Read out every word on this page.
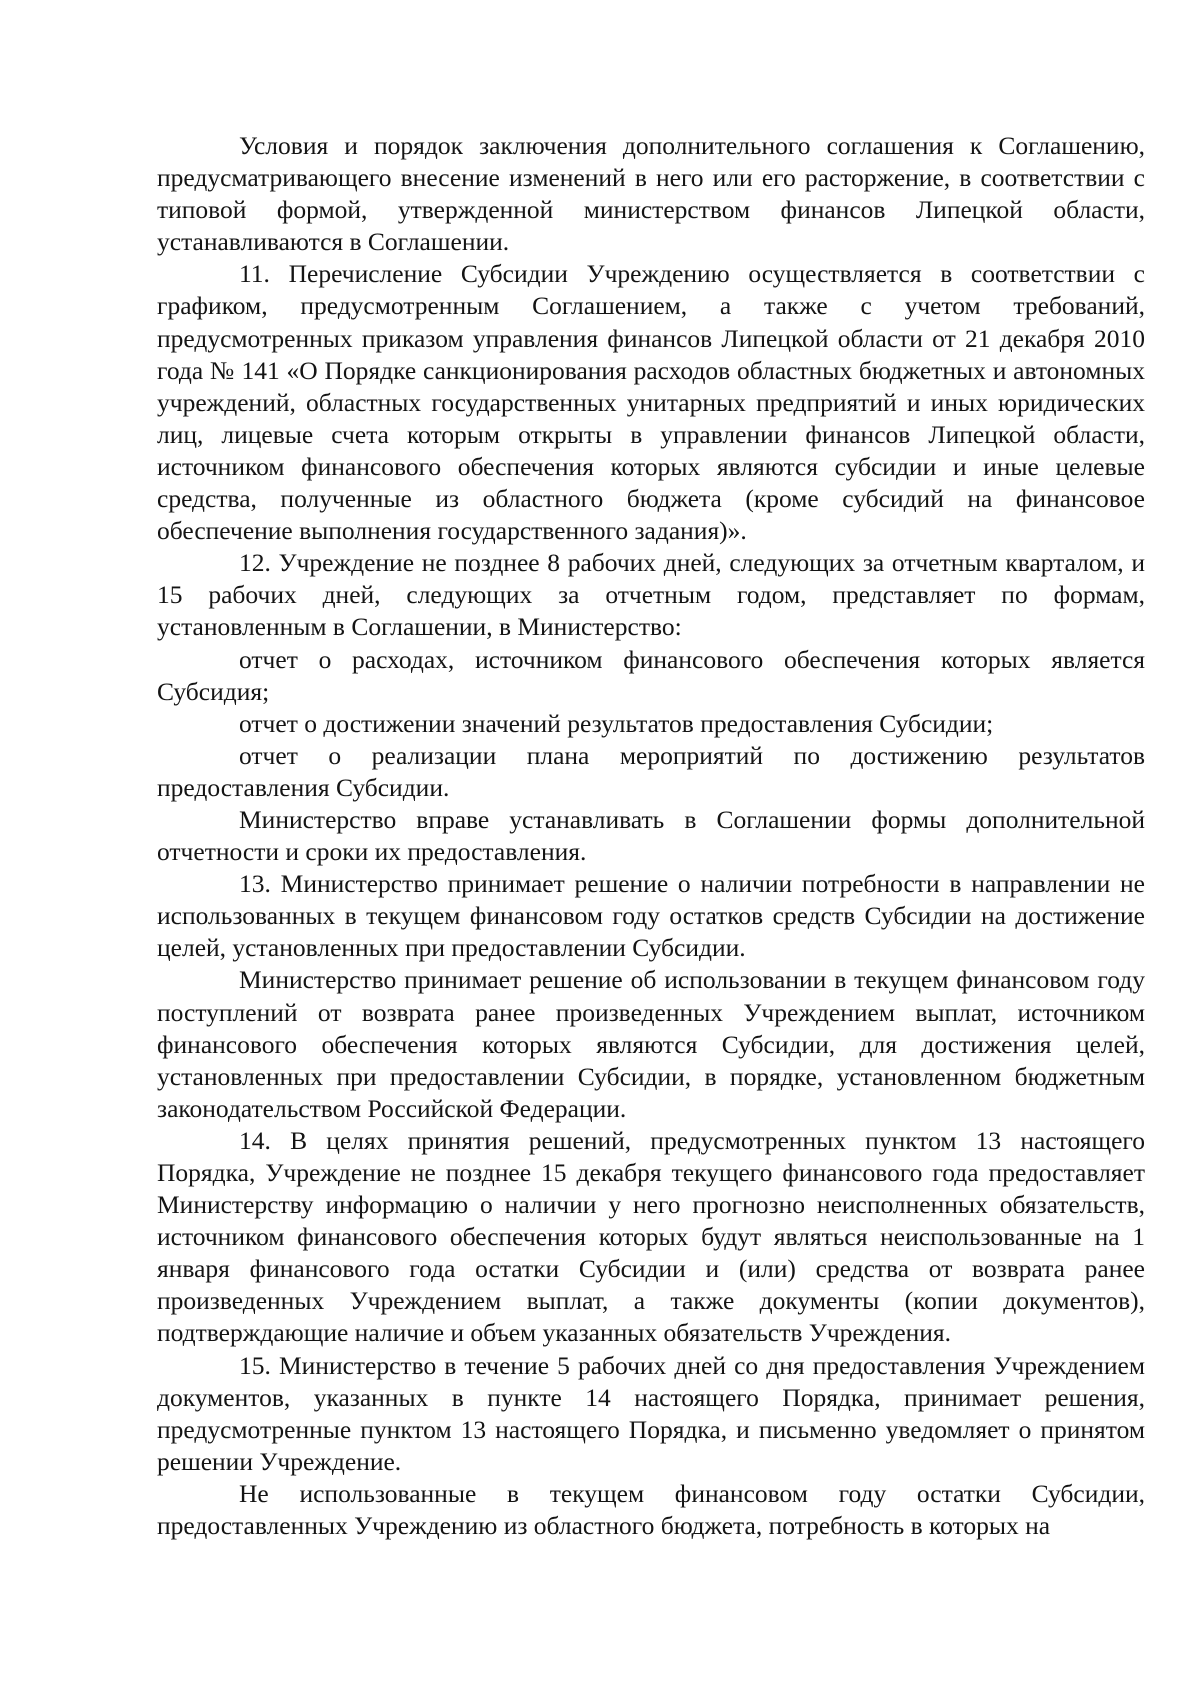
Условия и порядок заключения дополнительного соглашения к Соглашению, предусматривающего внесение изменений в него или его расторжение, в соответствии с типовой формой, утвержденной министерством финансов Липецкой области, устанавливаются в Соглашении.

11. Перечисление Субсидии Учреждению осуществляется в соответствии с графиком, предусмотренным Соглашением, а также с учетом требований, предусмотренных приказом управления финансов Липецкой области от 21 декабря 2010 года № 141 «О Порядке санкционирования расходов областных бюджетных и автономных учреждений, областных государственных унитарных предприятий и иных юридических лиц, лицевые счета которым открыты в управлении финансов Липецкой области, источником финансового обеспечения которых являются субсидии и иные целевые средства, полученные из областного бюджета (кроме субсидий на финансовое обеспечение выполнения государственного задания)».

12. Учреждение не позднее 8 рабочих дней, следующих за отчетным кварталом, и 15 рабочих дней, следующих за отчетным годом, представляет по формам, установленным в Соглашении, в Министерство:

отчет о расходах, источником финансового обеспечения которых является Субсидия;

отчет о достижении значений результатов предоставления Субсидии;

отчет о реализации плана мероприятий по достижению результатов предоставления Субсидии.

Министерство вправе устанавливать в Соглашении формы дополнительной отчетности и сроки их предоставления.

13. Министерство принимает решение о наличии потребности в направлении не использованных в текущем финансовом году остатков средств Субсидии на достижение целей, установленных при предоставлении Субсидии.

Министерство принимает решение об использовании в текущем финансовом году поступлений от возврата ранее произведенных Учреждением выплат, источником финансового обеспечения которых являются Субсидии, для достижения целей, установленных при предоставлении Субсидии, в порядке, установленном бюджетным законодательством Российской Федерации.

14. В целях принятия решений, предусмотренных пунктом 13 настоящего Порядка, Учреждение не позднее 15 декабря текущего финансового года предоставляет Министерству информацию о наличии у него прогнозно неисполненных обязательств, источником финансового обеспечения которых будут являться неиспользованные на 1 января финансового года остатки Субсидии и (или) средства от возврата ранее произведенных Учреждением выплат, а также документы (копии документов), подтверждающие наличие и объем указанных обязательств Учреждения.

15. Министерство в течение 5 рабочих дней со дня предоставления Учреждением документов, указанных в пункте 14 настоящего Порядка, принимает решения, предусмотренные пунктом 13 настоящего Порядка, и письменно уведомляет о принятом решении Учреждение.

Не использованные в текущем финансовом году остатки Субсидии, предоставленных Учреждению из областного бюджета, потребность в которых на
